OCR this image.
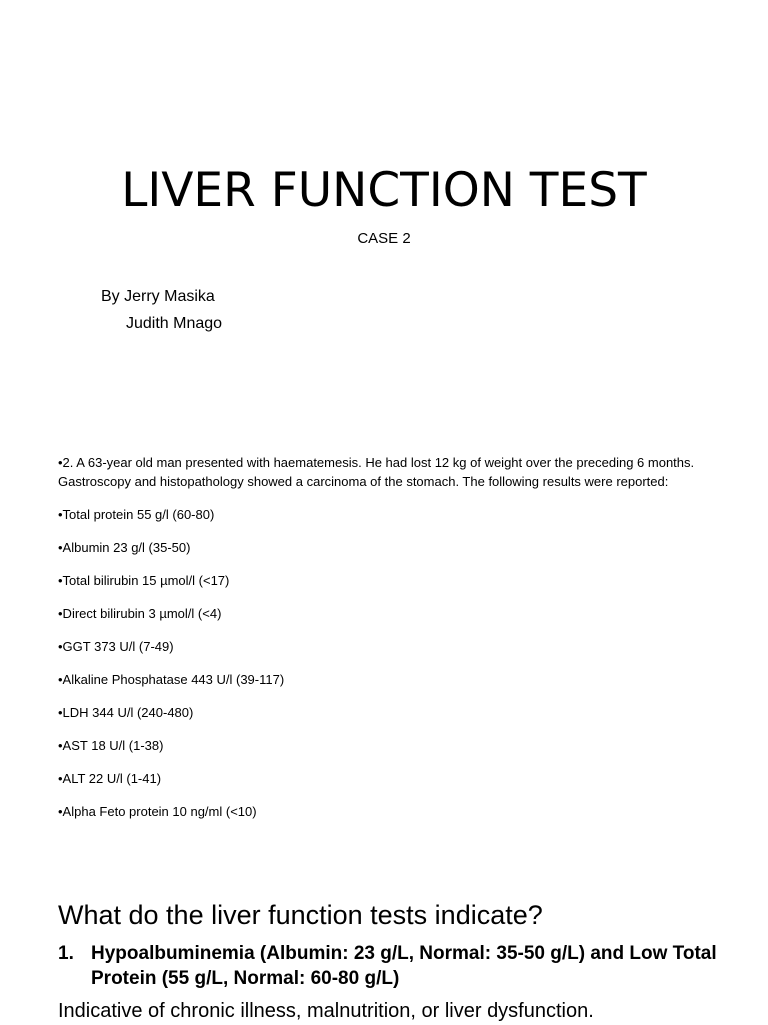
LIVER FUNCTION TEST
CASE 2
By Jerry Masika
Judith Mnago

•2. A 63-year old man presented with haematemesis. He had lost 12 kg of weight over the preceding 6 months. Gastroscopy and histopathology showed a carcinoma of the stomach. The following results were reported:

•Total protein 55 g/l (60-80)
•Albumin 23 g/l (35-50)
•Total bilirubin 15 µmol/l (<17)
•Direct bilirubin 3 µmol/l (<4)
•GGT 373 U/l (7-49)
•Alkaline Phosphatase 443 U/l (39-117)
•LDH 344 U/l (240-480)
•AST 18 U/l (1-38)
•ALT 22 U/l (1-41)
•Alpha Feto protein 10 ng/ml (<10)
What do the liver function tests indicate?
1. Hypoalbuminemia (Albumin: 23 g/L, Normal: 35-50 g/L) and Low Total Protein (55 g/L, Normal: 60-80 g/L)

Indicative of chronic illness, malnutrition, or liver dysfunction.
